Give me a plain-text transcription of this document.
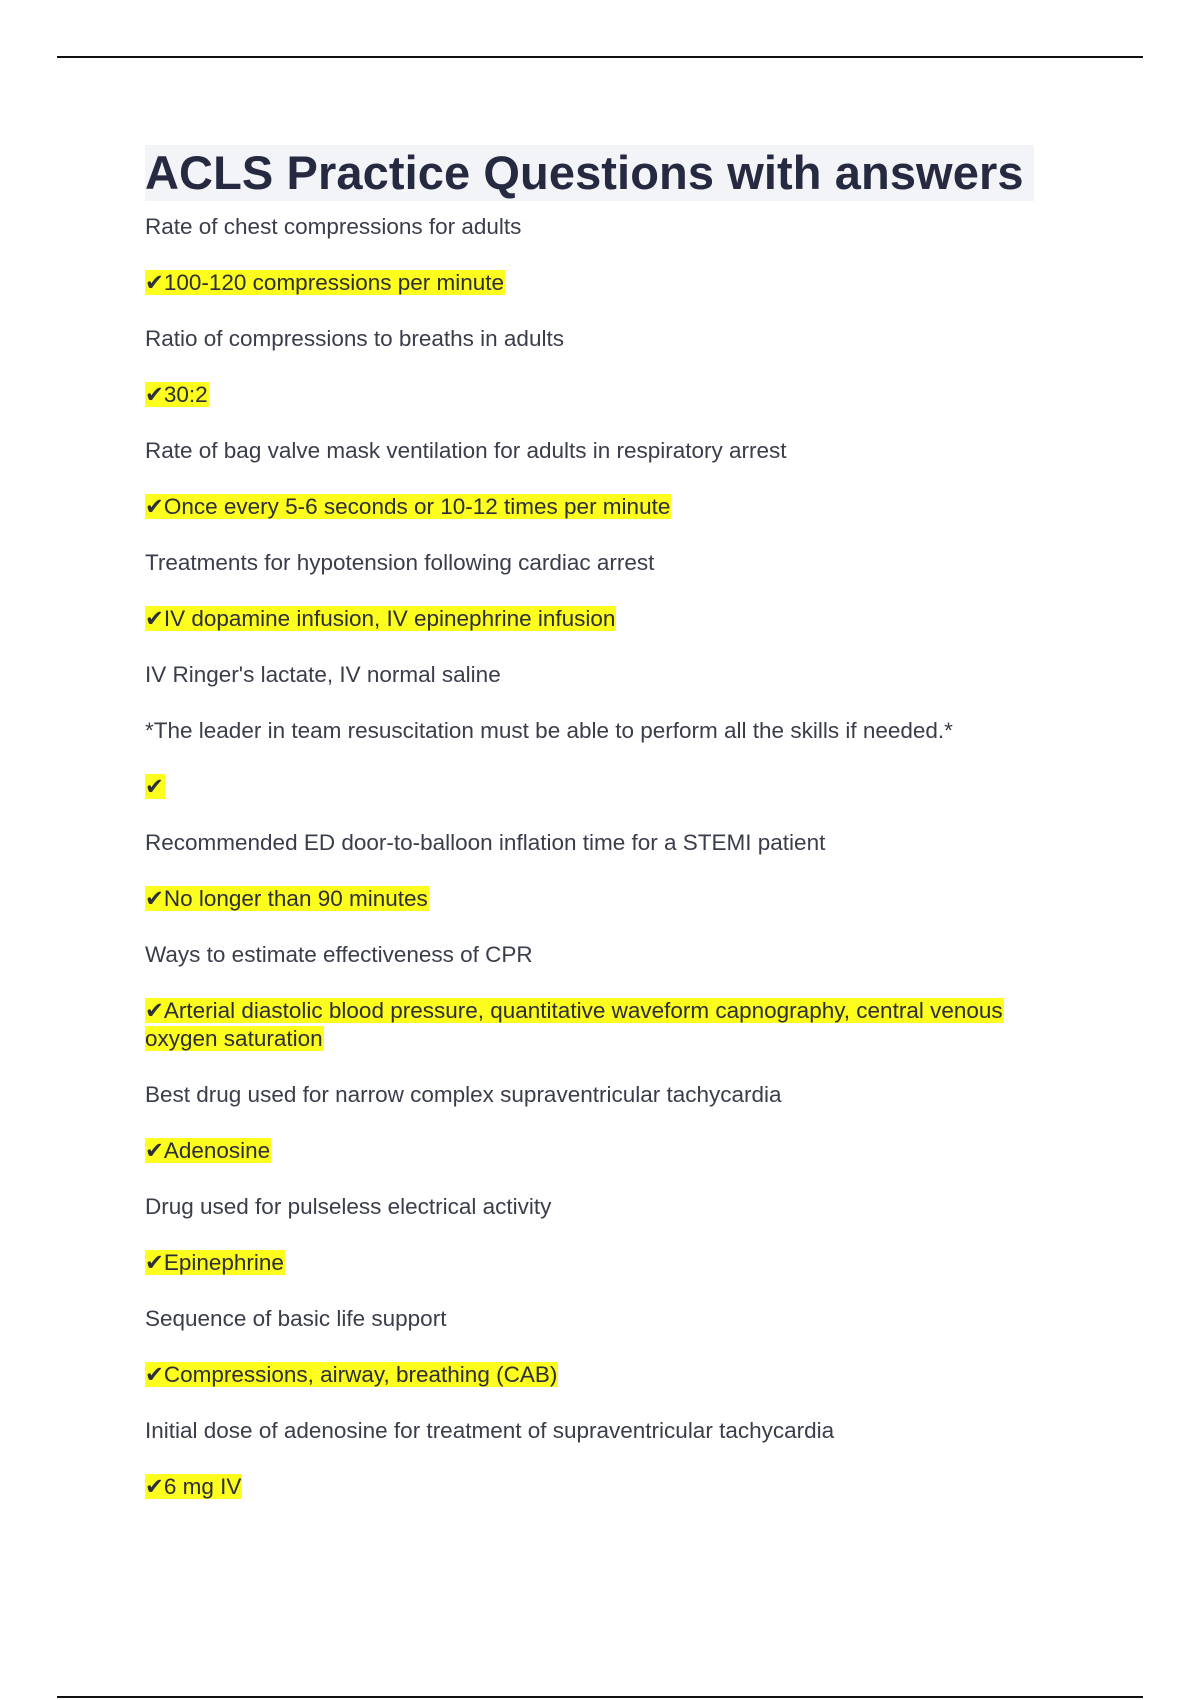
ACLS Practice Questions with answers

Rate of chest compressions for adults

✔100-120 compressions per minute

Ratio of compressions to breaths in adults

✔30:2

Rate of bag valve mask ventilation for adults in respiratory arrest

✔Once every 5-6 seconds or 10-12 times per minute

Treatments for hypotension following cardiac arrest

✔IV dopamine infusion, IV epinephrine infusion

IV Ringer's lactate, IV normal saline

*The leader in team resuscitation must be able to perform all the skills if needed.*

✔

Recommended ED door-to-balloon inflation time for a STEMI patient

✔No longer than 90 minutes

Ways to estimate effectiveness of CPR

✔Arterial diastolic blood pressure, quantitative waveform capnography, central venous oxygen saturation

Best drug used for narrow complex supraventricular tachycardia

✔Adenosine

Drug used for pulseless electrical activity

✔Epinephrine

Sequence of basic life support

✔Compressions, airway, breathing (CAB)

Initial dose of adenosine for treatment of supraventricular tachycardia

✔6 mg IV
